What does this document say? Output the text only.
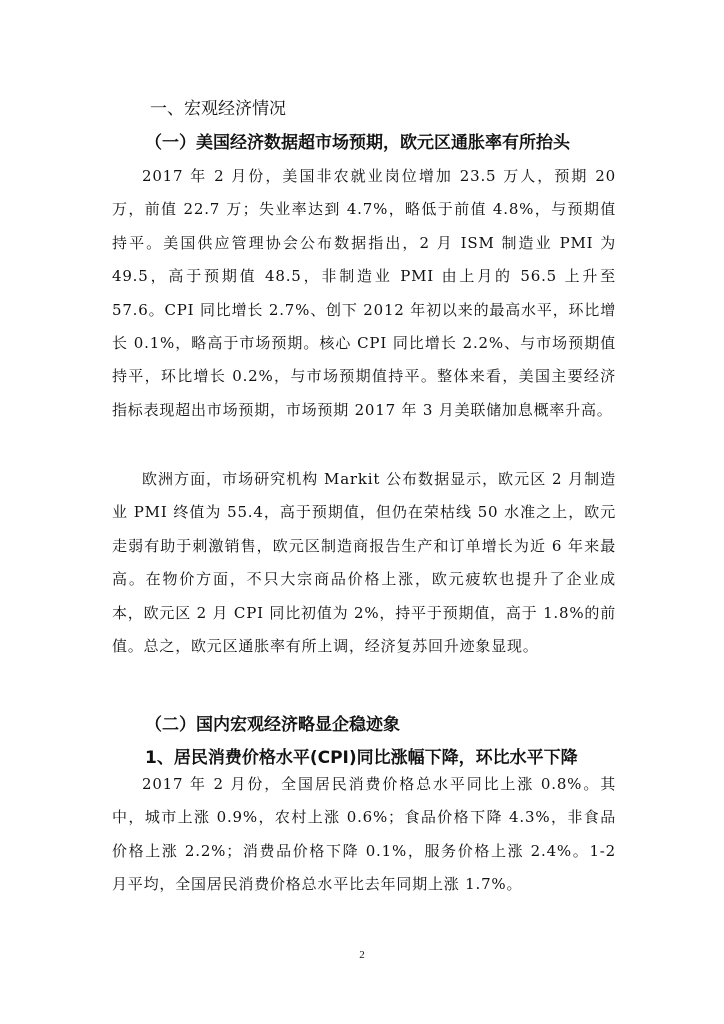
一、宏观经济情况
（一）美国经济数据超市场预期，欧元区通胀率有所抬头

2017 年 2 月份，美国非农就业岗位增加 23.5 万人，预期 20 万，前值 22.7 万；失业率达到 4.7%，略低于前值 4.8%，与预期值持平。美国供应管理协会公布数据指出，2 月 ISM 制造业 PMI 为 49.5，高于预期值 48.5，非制造业 PMI 由上月的 56.5 上升至 57.6。CPI 同比增长 2.7%、创下 2012 年初以来的最高水平，环比增长 0.1%，略高于市场预期。核心 CPI 同比增长 2.2%、与市场预期值持平，环比增长 0.2%，与市场预期值持平。整体来看，美国主要经济指标表现超出市场预期，市场预期 2017 年 3 月美联储加息概率升高。

欧洲方面，市场研究机构 Markit 公布数据显示，欧元区 2 月制造业 PMI 终值为 55.4，高于预期值，但仍在荣枯线 50 水准之上，欧元走弱有助于刺激销售，欧元区制造商报告生产和订单增长为近 6 年来最高。在物价方面，不只大宗商品价格上涨，欧元疲软也提升了企业成本，欧元区 2 月 CPI 同比初值为 2%，持平于预期值，高于 1.8%的前值。总之，欧元区通胀率有所上调，经济复苏回升迹象显现。

（二）国内宏观经济略显企稳迹象
1、居民消费价格水平(CPI)同比涨幅下降，环比水平下降

2017 年 2 月份，全国居民消费价格总水平同比上涨 0.8%。其中，城市上涨 0.9%，农村上涨 0.6%；食品价格下降 4.3%，非食品价格上涨 2.2%；消费品价格下降 0.1%，服务价格上涨 2.4%。1-2 月平均，全国居民消费价格总水平比去年同期上涨 1.7%。

2
